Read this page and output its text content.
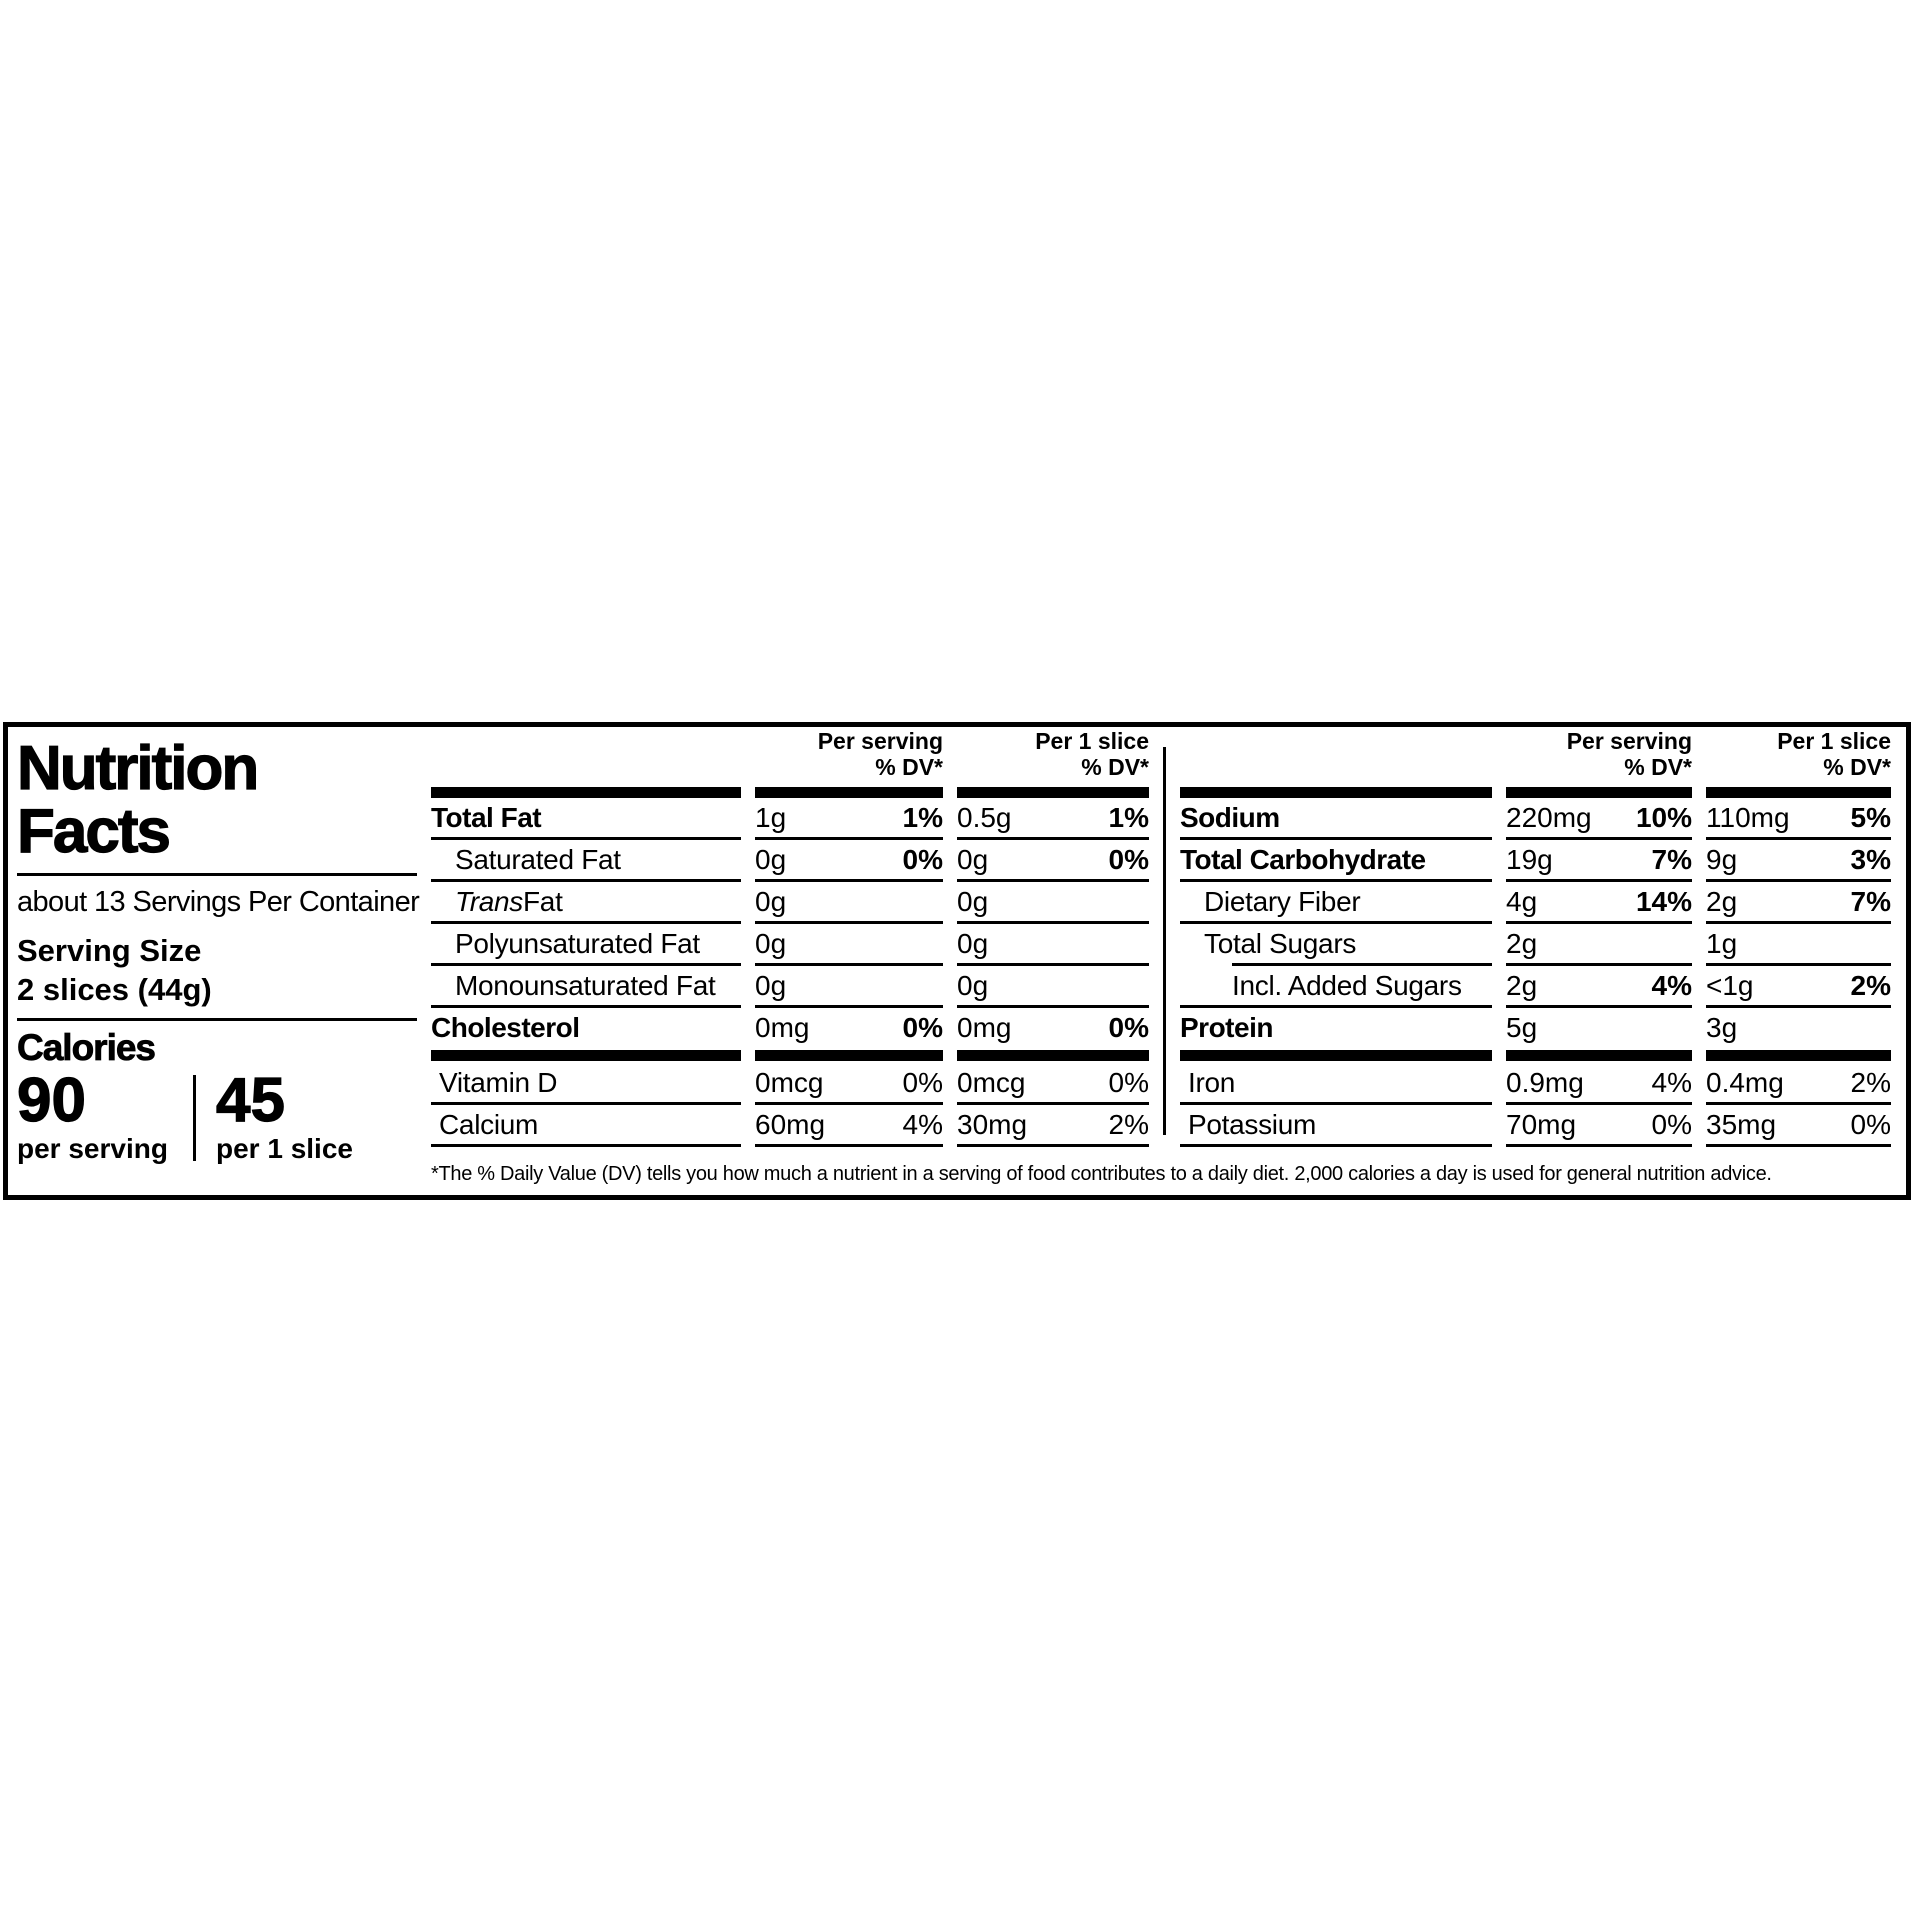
Nutrition
Facts
about 13 Servings Per Container
Serving Size
2 slices (44g)
Calories
90
per serving
45
per 1 slice
Per serving
% DV*
Per 1 slice
% DV*
Total Fat	1g	1% 0.5g	1%
Saturated Fat	0g	0% 0g	0%
Trans Fat	0g	0g
Polyunsaturated Fat	0g	0g
Monounsaturated Fat	0g	0g
Cholesterol	0mg	0% 0mg	0%
Vitamin D	0mcg	0% 0mcg	0%
Calcium	60mg	4% 30mg	2%
Per serving
% DV*
Per 1 slice
% DV*
Sodium	220mg 10% 110mg 5%
Total Carbohydrate	19g	7% 9g	3%
Dietary Fiber	4g	14% 2g	7%
Total Sugars	2g	1g
Incl. Added Sugars	2g	4% <1g	2%
Protein	5g	3g
Iron	0.9mg 4% 0.4mg 2%
Potassium	70mg	0% 35mg	0%
*The % Daily Value (DV) tells you how much a nutrient in a serving of food contributes to a daily diet. 2,000 calories a day is used for general nutrition advice.
